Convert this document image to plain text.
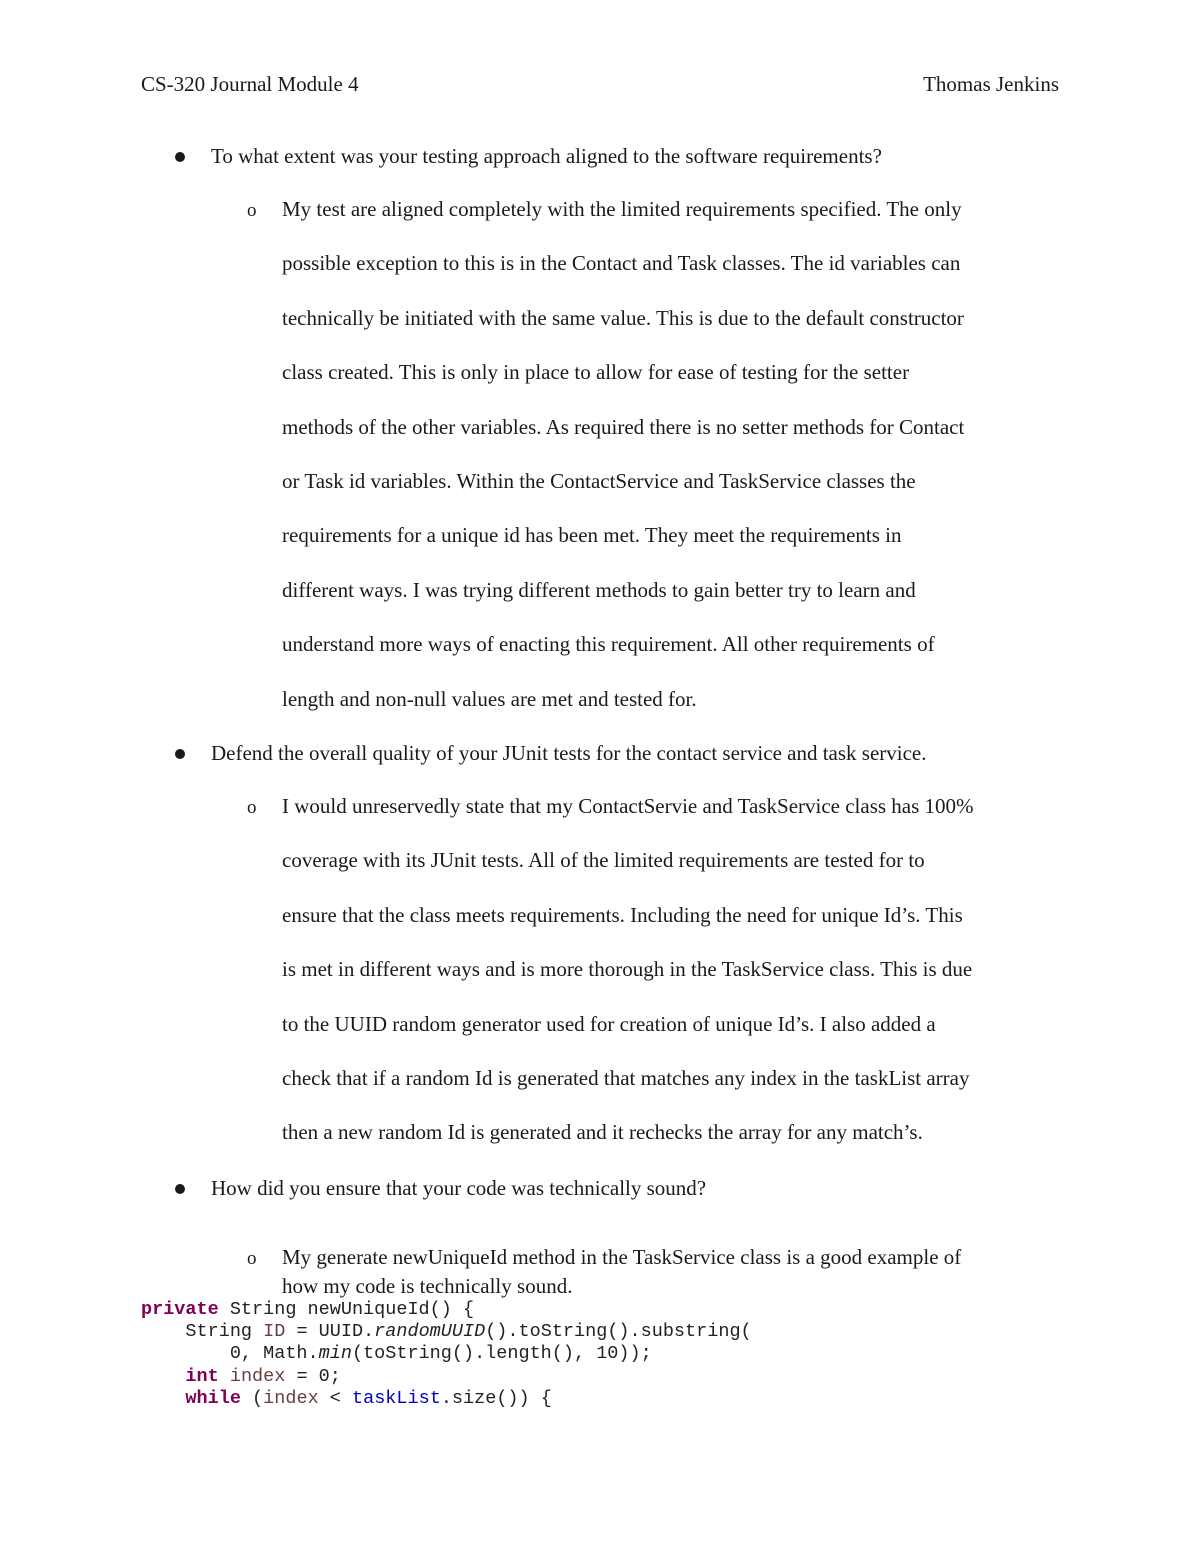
CS-320 Journal Module 4	Thomas Jenkins
To what extent was your testing approach aligned to the software requirements?
o My test are aligned completely with the limited requirements specified. The only
possible exception to this is in the Contact and Task classes. The id variables can
technically be initiated with the same value. This is due to the default constructor
class created. This is only in place to allow for ease of testing for the setter
methods of the other variables. As required there is no setter methods for Contact
or Task id variables. Within the ContactService and TaskService classes the
requirements for a unique id has been met. They meet the requirements in
different ways. I was trying different methods to gain better try to learn and
understand more ways of enacting this requirement. All other requirements of
length and non-null values are met and tested for.
Defend the overall quality of your JUnit tests for the contact service and task service.
o I would unreservedly state that my ContactServie and TaskService class has 100%
coverage with its JUnit tests. All of the limited requirements are tested for to
ensure that the class meets requirements. Including the need for unique Id’s. This
is met in different ways and is more thorough in the TaskService class. This is due
to the UUID random generator used for creation of unique Id’s. I also added a
check that if a random Id is generated that matches any index in the taskList array
then a new random Id is generated and it rechecks the array for any match’s.
How did you ensure that your code was technically sound?
o My generate newUniqueId method in the TaskService class is a good example of
how my code is technically sound.
private String newUniqueId() {
String ID = UUID.randomUUID().toString().substring(
0, Math.min(toString().length(), 10));
int index = 0;
while (index < taskList.size()) {
